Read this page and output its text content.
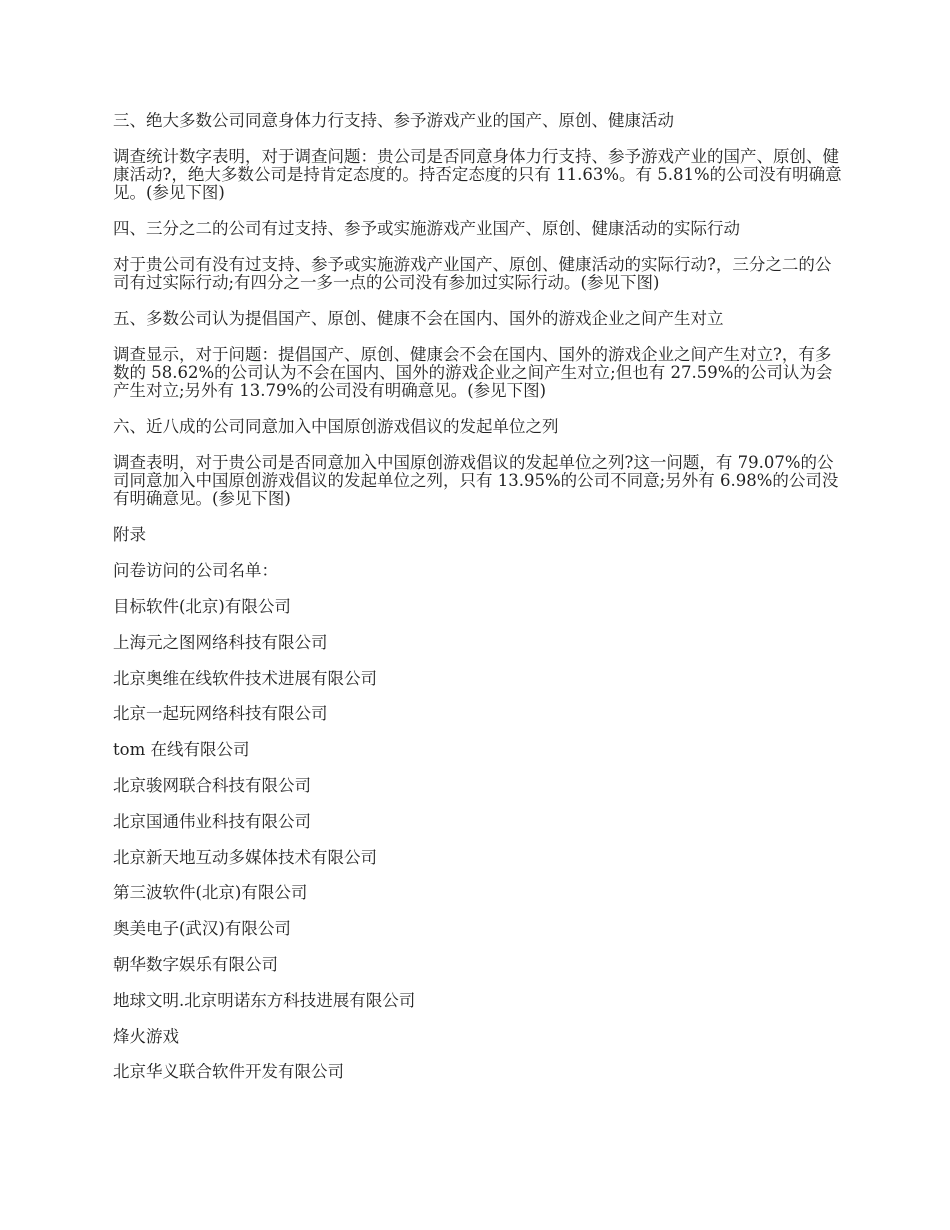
三、绝大多数公司同意身体力行支持、参予游戏产业的国产、原创、健康活动

调查统计数字表明，对于调查问题：贵公司是否同意身体力行支持、参予游戏产业的国产、原创、健康活动?，绝大多数公司是持肯定态度的。持否定态度的只有 11.63%。有 5.81%的公司没有明确意见。(参见下图)

四、三分之二的公司有过支持、参予或实施游戏产业国产、原创、健康活动的实际行动

对于贵公司有没有过支持、参予或实施游戏产业国产、原创、健康活动的实际行动?，三分之二的公司有过实际行动;有四分之一多一点的公司没有参加过实际行动。(参见下图)

五、多数公司认为提倡国产、原创、健康不会在国内、国外的游戏企业之间产生对立

调查显示，对于问题：提倡国产、原创、健康会不会在国内、国外的游戏企业之间产生对立?，有多数的 58.62%的公司认为不会在国内、国外的游戏企业之间产生对立;但也有 27.59%的公司认为会产生对立;另外有 13.79%的公司没有明确意见。(参见下图)

六、近八成的公司同意加入中国原创游戏倡议的发起单位之列

调查表明，对于贵公司是否同意加入中国原创游戏倡议的发起单位之列?这一问题，有 79.07%的公司同意加入中国原创游戏倡议的发起单位之列，只有 13.95%的公司不同意;另外有 6.98%的公司没有明确意见。(参见下图)

附录

问卷访问的公司名单：

目标软件(北京)有限公司
上海元之图网络科技有限公司
北京奥维在线软件技术进展有限公司
北京一起玩网络科技有限公司
tom 在线有限公司
北京骏网联合科技有限公司
北京国通伟业科技有限公司
北京新天地互动多媒体技术有限公司
第三波软件(北京)有限公司
奥美电子(武汉)有限公司
朝华数字娱乐有限公司
地球文明.北京明诺东方科技进展有限公司
烽火游戏
北京华义联合软件开发有限公司
